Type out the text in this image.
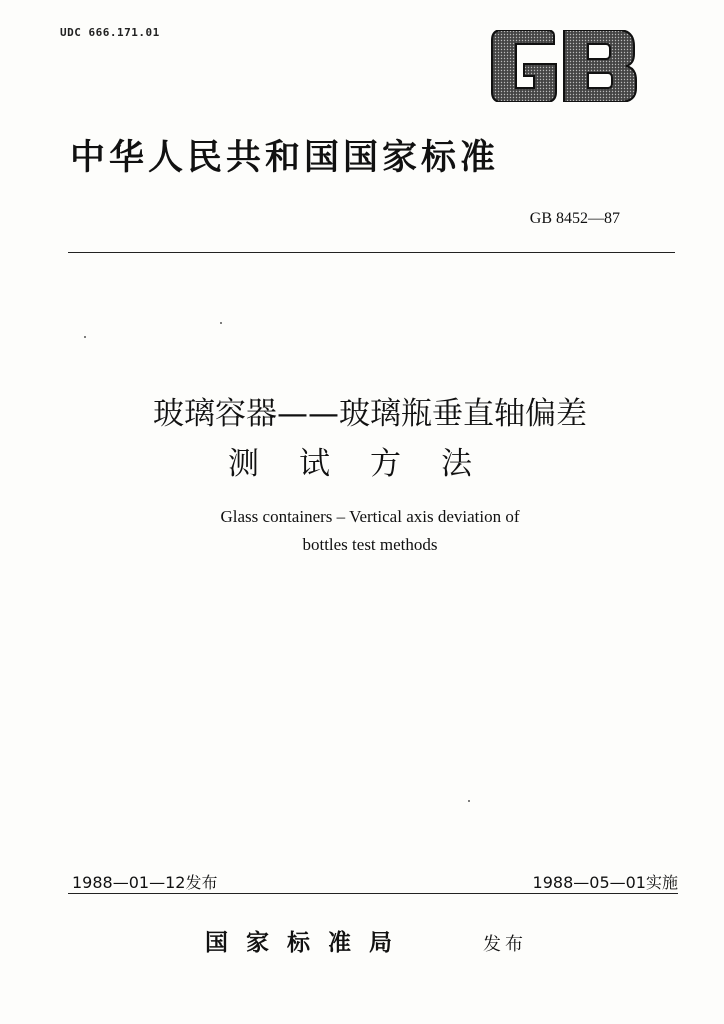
UDC 666.171.01
中华人民共和国国家标准
GB 8452—87
玻璃容器——玻璃瓶垂直轴偏差
测试方法
Glass containers – Vertical axis deviation of
bottles test methods
1988—01—12发布	1988—05—01实施
国家标准局	发布
